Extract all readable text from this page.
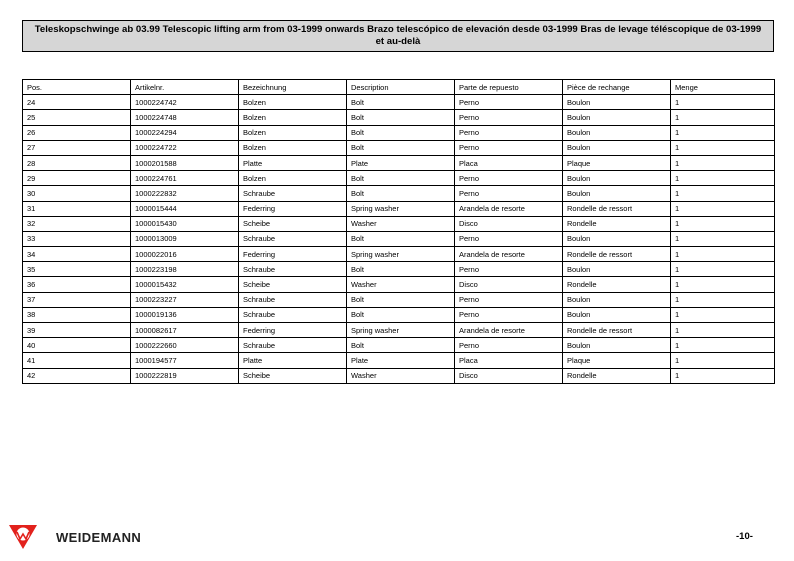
Teleskopschwinge ab 03.99 Telescopic lifting arm from 03-1999 onwards Brazo telescópico de elevación desde 03-1999 Bras de levage téléscopique de 03-1999 et au-delà
Pos.	Artikelnr.	Bezeichnung	Description	Parte de repuesto	Pièce de rechange	Menge
24	1000224742	Bolzen	Bolt	Perno	Boulon	1
25	1000224748	Bolzen	Bolt	Perno	Boulon	1
26	1000224294	Bolzen	Bolt	Perno	Boulon	1
27	1000224722	Bolzen	Bolt	Perno	Boulon	1
28	1000201588	Platte	Plate	Placa	Plaque	1
29	1000224761	Bolzen	Bolt	Perno	Boulon	1
30	1000222832	Schraube	Bolt	Perno	Boulon	1
31	1000015444	Federring	Spring washer	Arandela de resorte	Rondelle de ressort	1
32	1000015430	Scheibe	Washer	Disco	Rondelle	1
33	1000013009	Schraube	Bolt	Perno	Boulon	1
34	1000022016	Federring	Spring washer	Arandela de resorte	Rondelle de ressort	1
35	1000223198	Schraube	Bolt	Perno	Boulon	1
36	1000015432	Scheibe	Washer	Disco	Rondelle	1
37	1000223227	Schraube	Bolt	Perno	Boulon	1
38	1000019136	Schraube	Bolt	Perno	Boulon	1
39	1000082617	Federring	Spring washer	Arandela de resorte	Rondelle de ressort	1
40	1000222660	Schraube	Bolt	Perno	Boulon	1
41	1000194577	Platte	Plate	Placa	Plaque	1
42	1000222819	Scheibe	Washer	Disco	Rondelle	1
WEIDEMANN	-10-
